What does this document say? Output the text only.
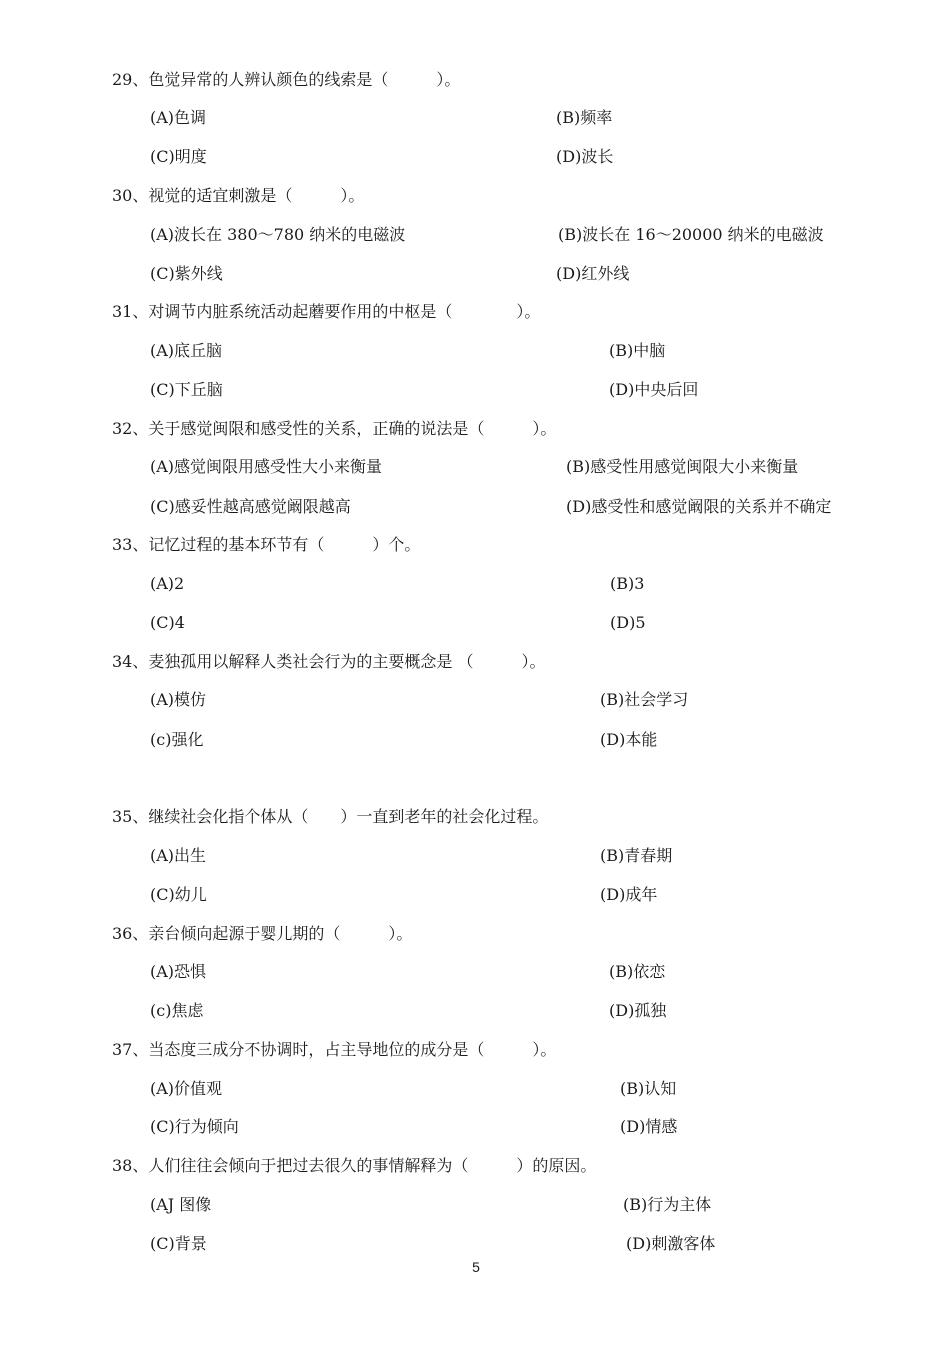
29、色觉异常的人辨认颜色的线索是（　　　）。
(A)色调	(B)频率
(C)明度	(D)波长
30、视觉的适宜刺激是（　　　）。
(A)波长在 380～780 纳米的电磁波	(B)波长在 16～20000 纳米的电磁波
(C)紫外线	(D)红外线
31、对调节内脏系统活动起蘑要作用的中枢是（　　　　）。
(A)底丘脑	(B)中脑
(C)下丘脑	(D)中央后回
32、关于感觉闽限和感受性的关系，正确的说法是（　　　）。
(A)感觉闽限用感受性大小来衡量	(B)感受性用感觉闽限大小来衡量
(C)感妥性越高感觉阚限越高	(D)感受性和感觉阚限的关系并不确定
33、记忆过程的基本环节有（　　　）个。
(A)2	(B)3
(C)4	(D)5
34、麦独孤用以解释人类社会行为的主要概念是 （　　　）。
(A)模仿	(B)社会学习
(c)强化	(D)本能
35、继续社会化指个体从（　　）一直到老年的社会化过程。
(A)出生	(B)青春期
(C)幼儿	(D)成年
36、亲台倾向起源于婴儿期的（　　　）。
(A)恐惧	(B)依恋
(c)焦虑	(D)孤独
37、当态度三成分不协调时，占主导地位的成分是（　　　）。
(A)价值观	(B)认知
(C)行为倾向	(D)情感
38、人们往往会倾向于把过去很久的事情解释为（　　　）的原因。
(AJ 图像	(B)行为主体
(C)背景	(D)刺激客体
5
